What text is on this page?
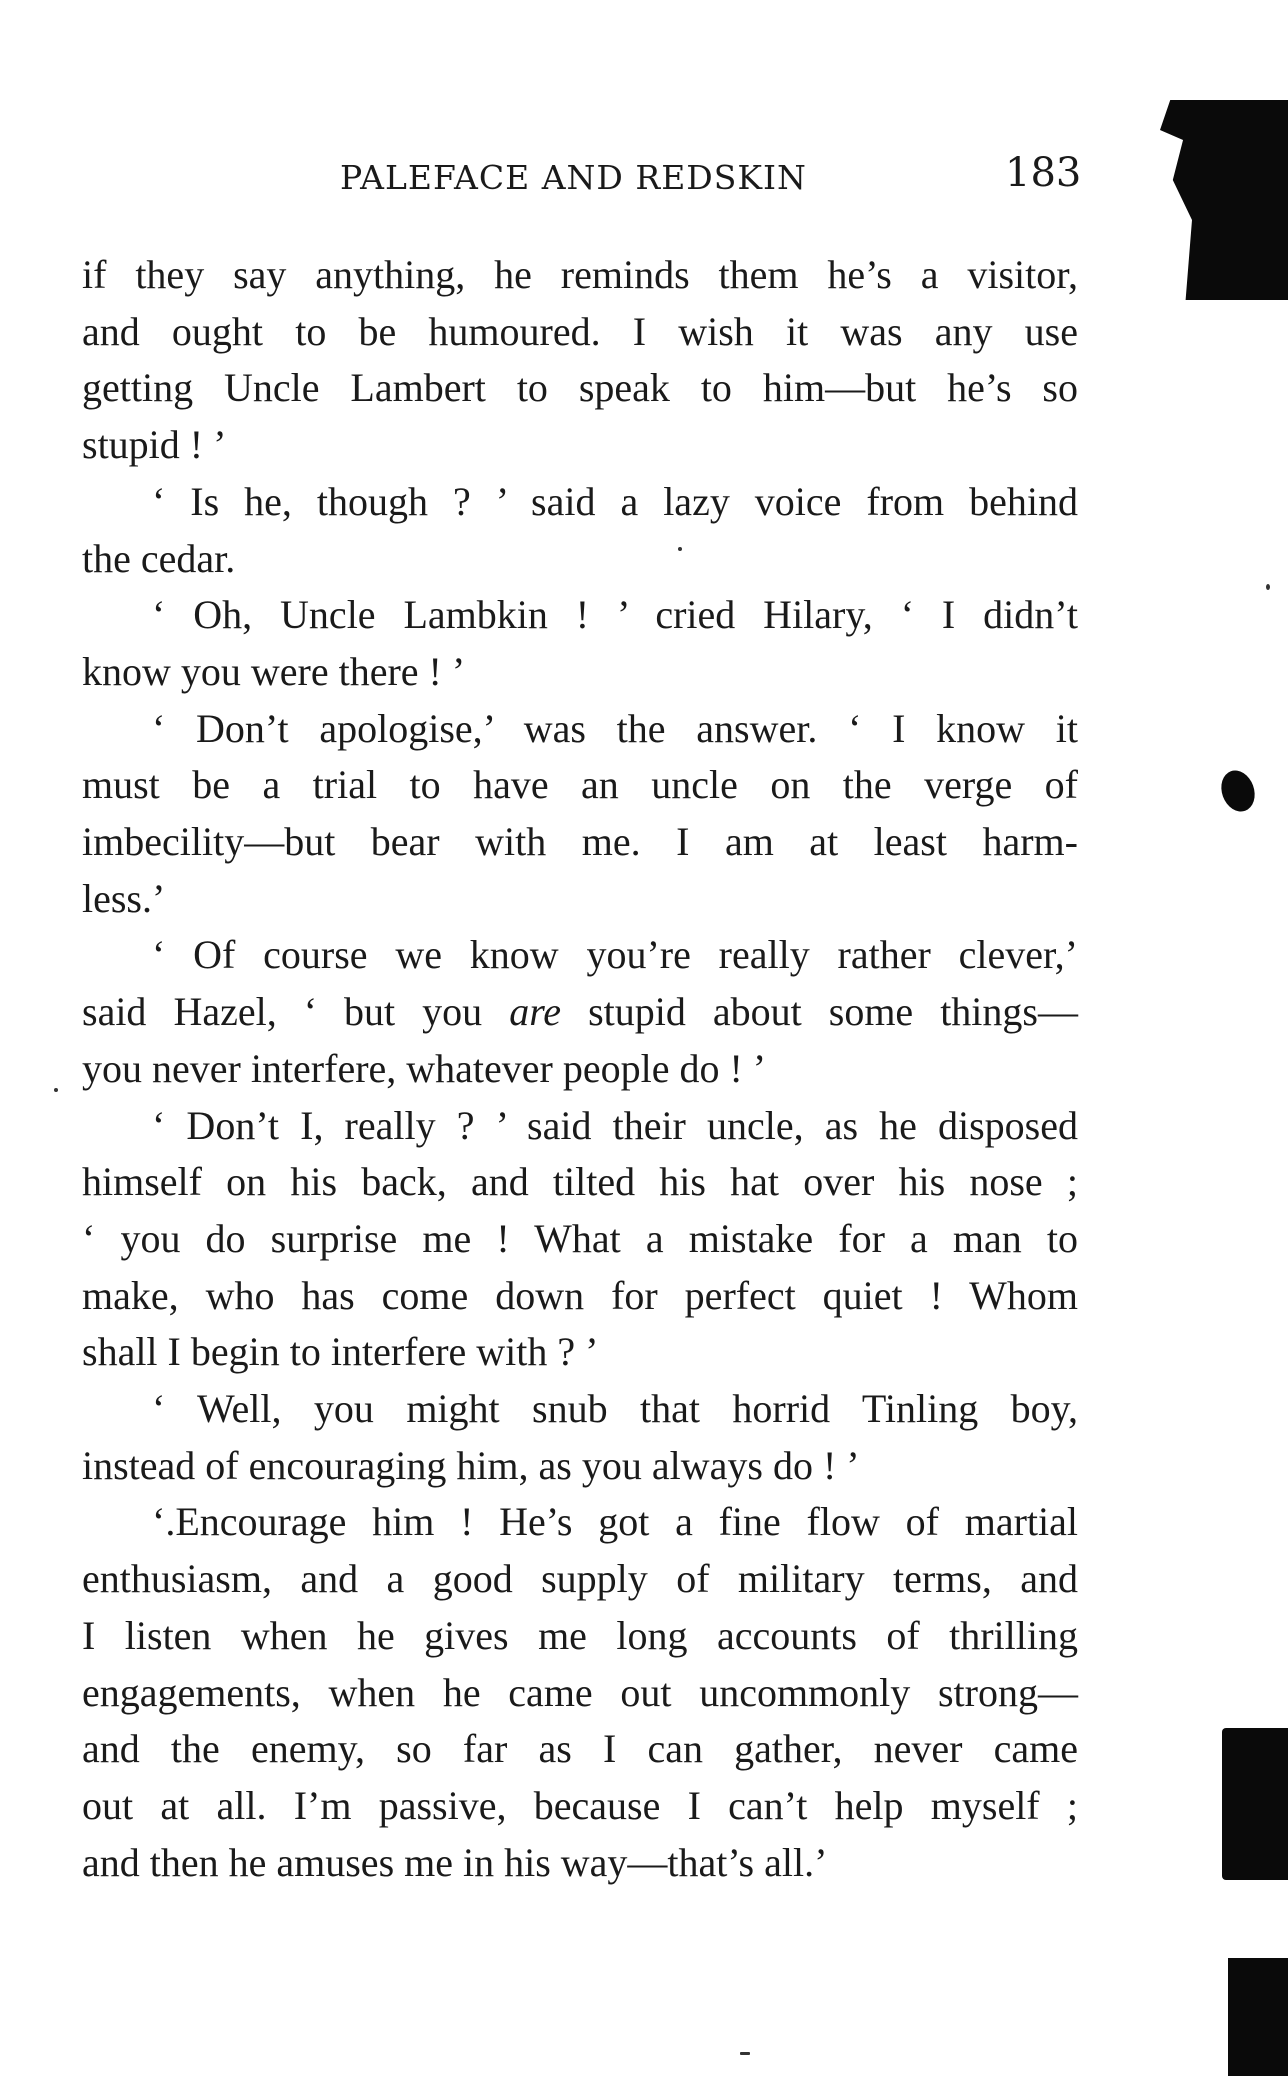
PALEFACE AND REDSKIN	183
if they say anything, he reminds them he’s a visitor,
and ought to be humoured. I wish it was any use
getting Uncle Lambert to speak to him—but he’s so
stupid ! ’
‘ Is he, though ? ’ said a lazy voice from behind
the cedar.
‘ Oh, Uncle Lambkin ! ’ cried Hilary, ‘ I didn’t
know you were there ! ’
‘ Don’t apologise,’ was the answer. ‘ I know it
must be a trial to have an uncle on the verge of
imbecility—but bear with me. I am at least harm-
less.’
‘ Of course we know you’re really rather clever,’
said Hazel, ‘ but you are stupid about some things—
you never interfere, whatever people do ! ’
‘ Don’t I, really ? ’ said their uncle, as he disposed
himself on his back, and tilted his hat over his nose ;
‘ you do surprise me ! What a mistake for a man to
make, who has come down for perfect quiet ! Whom
shall I begin to interfere with ? ’
‘ Well, you might snub that horrid Tinling boy,
instead of encouraging him, as you always do ! ’
‘.Encourage him ! He’s got a fine flow of martial
enthusiasm, and a good supply of military terms, and
I listen when he gives me long accounts of thrilling
engagements, when he came out uncommonly strong—
and the enemy, so far as I can gather, never came
out at all. I’m passive, because I can’t help myself ;
and then he amuses me in his way—that’s all.’
